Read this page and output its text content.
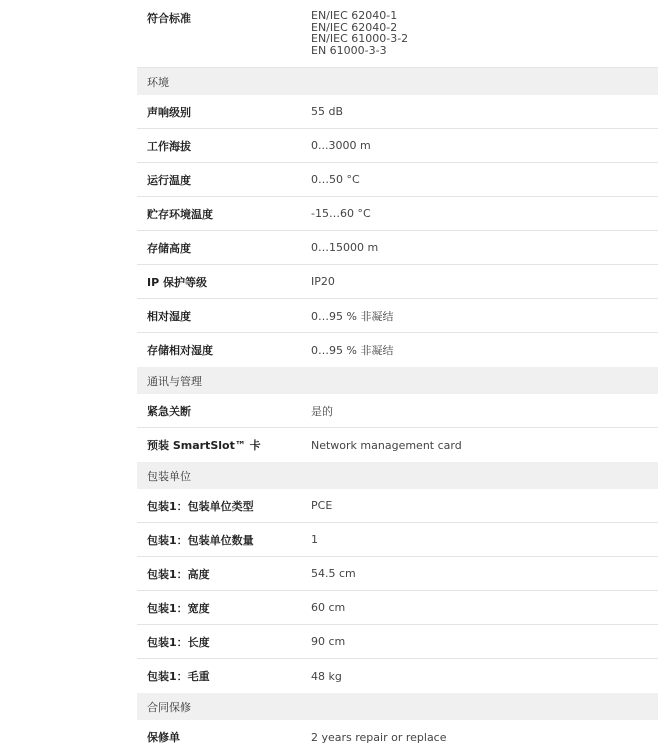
符合标准	EN/IEC 62040-1
EN/IEC 62040-2
EN/IEC 61000-3-2
EN 61000-3-3
环境
声响级别	55 dB
工作海拔	0...3000 m
运行温度	0…50 °C
贮存环境温度	-15…60 °C
存储高度	0…15000 m
IP 保护等级	IP20
相对湿度	0…95 % 非凝结
存储相对湿度	0…95 % 非凝结
通讯与管理
紧急关断	是的
预装 SmartSlot™ 卡	Network management card
包装单位
包装1：包装单位类型	PCE
包装1：包装单位数量	1
包装1：高度	54.5 cm
包装1：宽度	60 cm
包装1：长度	90 cm
包装1：毛重	48 kg
合同保修
保修单	2 years repair or replace
